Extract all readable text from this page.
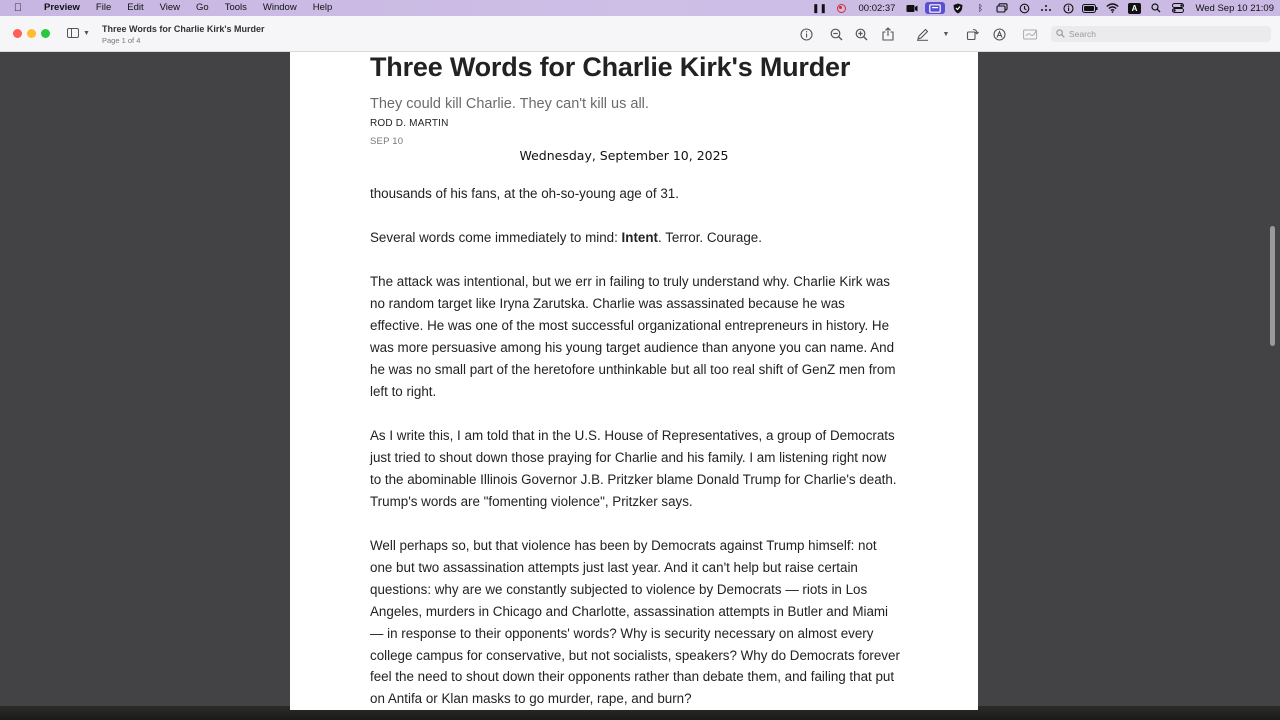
Preview	File	Edit	View	Go	Tools	Window	Help	❚❚	00:02:37	ᛒ	A	Wed Sep 10 21:09
▼ Three Words for Charlie Kirk's Murder
Page 1 of 4
▼
Search
Three Words for Charlie Kirk's Murder
They could kill Charlie. They can't kill us all.
ROD D. MARTIN
SEP 10
Wednesday, September 10, 2025
thousands of his fans, at the oh-so-young age of 31.
Several words come immediately to mind: Intent. Terror. Courage.
The attack was intentional, but we err in failing to truly understand why. Charlie Kirk was no random target like Iryna Zarutska. Charlie was assassinated because he was effective. He was one of the most successful organizational entrepreneurs in history. He was more persuasive among his young target audience than anyone you can name. And he was no small part of the heretofore unthinkable but all too real shift of GenZ men from left to right.
As I write this, I am told that in the U.S. House of Representatives, a group of Democrats just tried to shout down those praying for Charlie and his family. I am listening right now to the abominable Illinois Governor J.B. Pritzker blame Donald Trump for Charlie's death. Trump's words are "fomenting violence", Pritzker says.
Well perhaps so, but that violence has been by Democrats against Trump himself: not one but two assassination attempts just last year. And it can't help but raise certain questions: why are we constantly subjected to violence by Democrats — riots in Los Angeles, murders in Chicago and Charlotte, assassination attempts in Butler and Miami — in response to their opponents' words? Why is security necessary on almost every college campus for conservative, but not socialists, speakers? Why do Democrats forever feel the need to shout down their opponents rather than debate them, and failing that put on Antifa or Klan masks to go murder, rape, and burn?
